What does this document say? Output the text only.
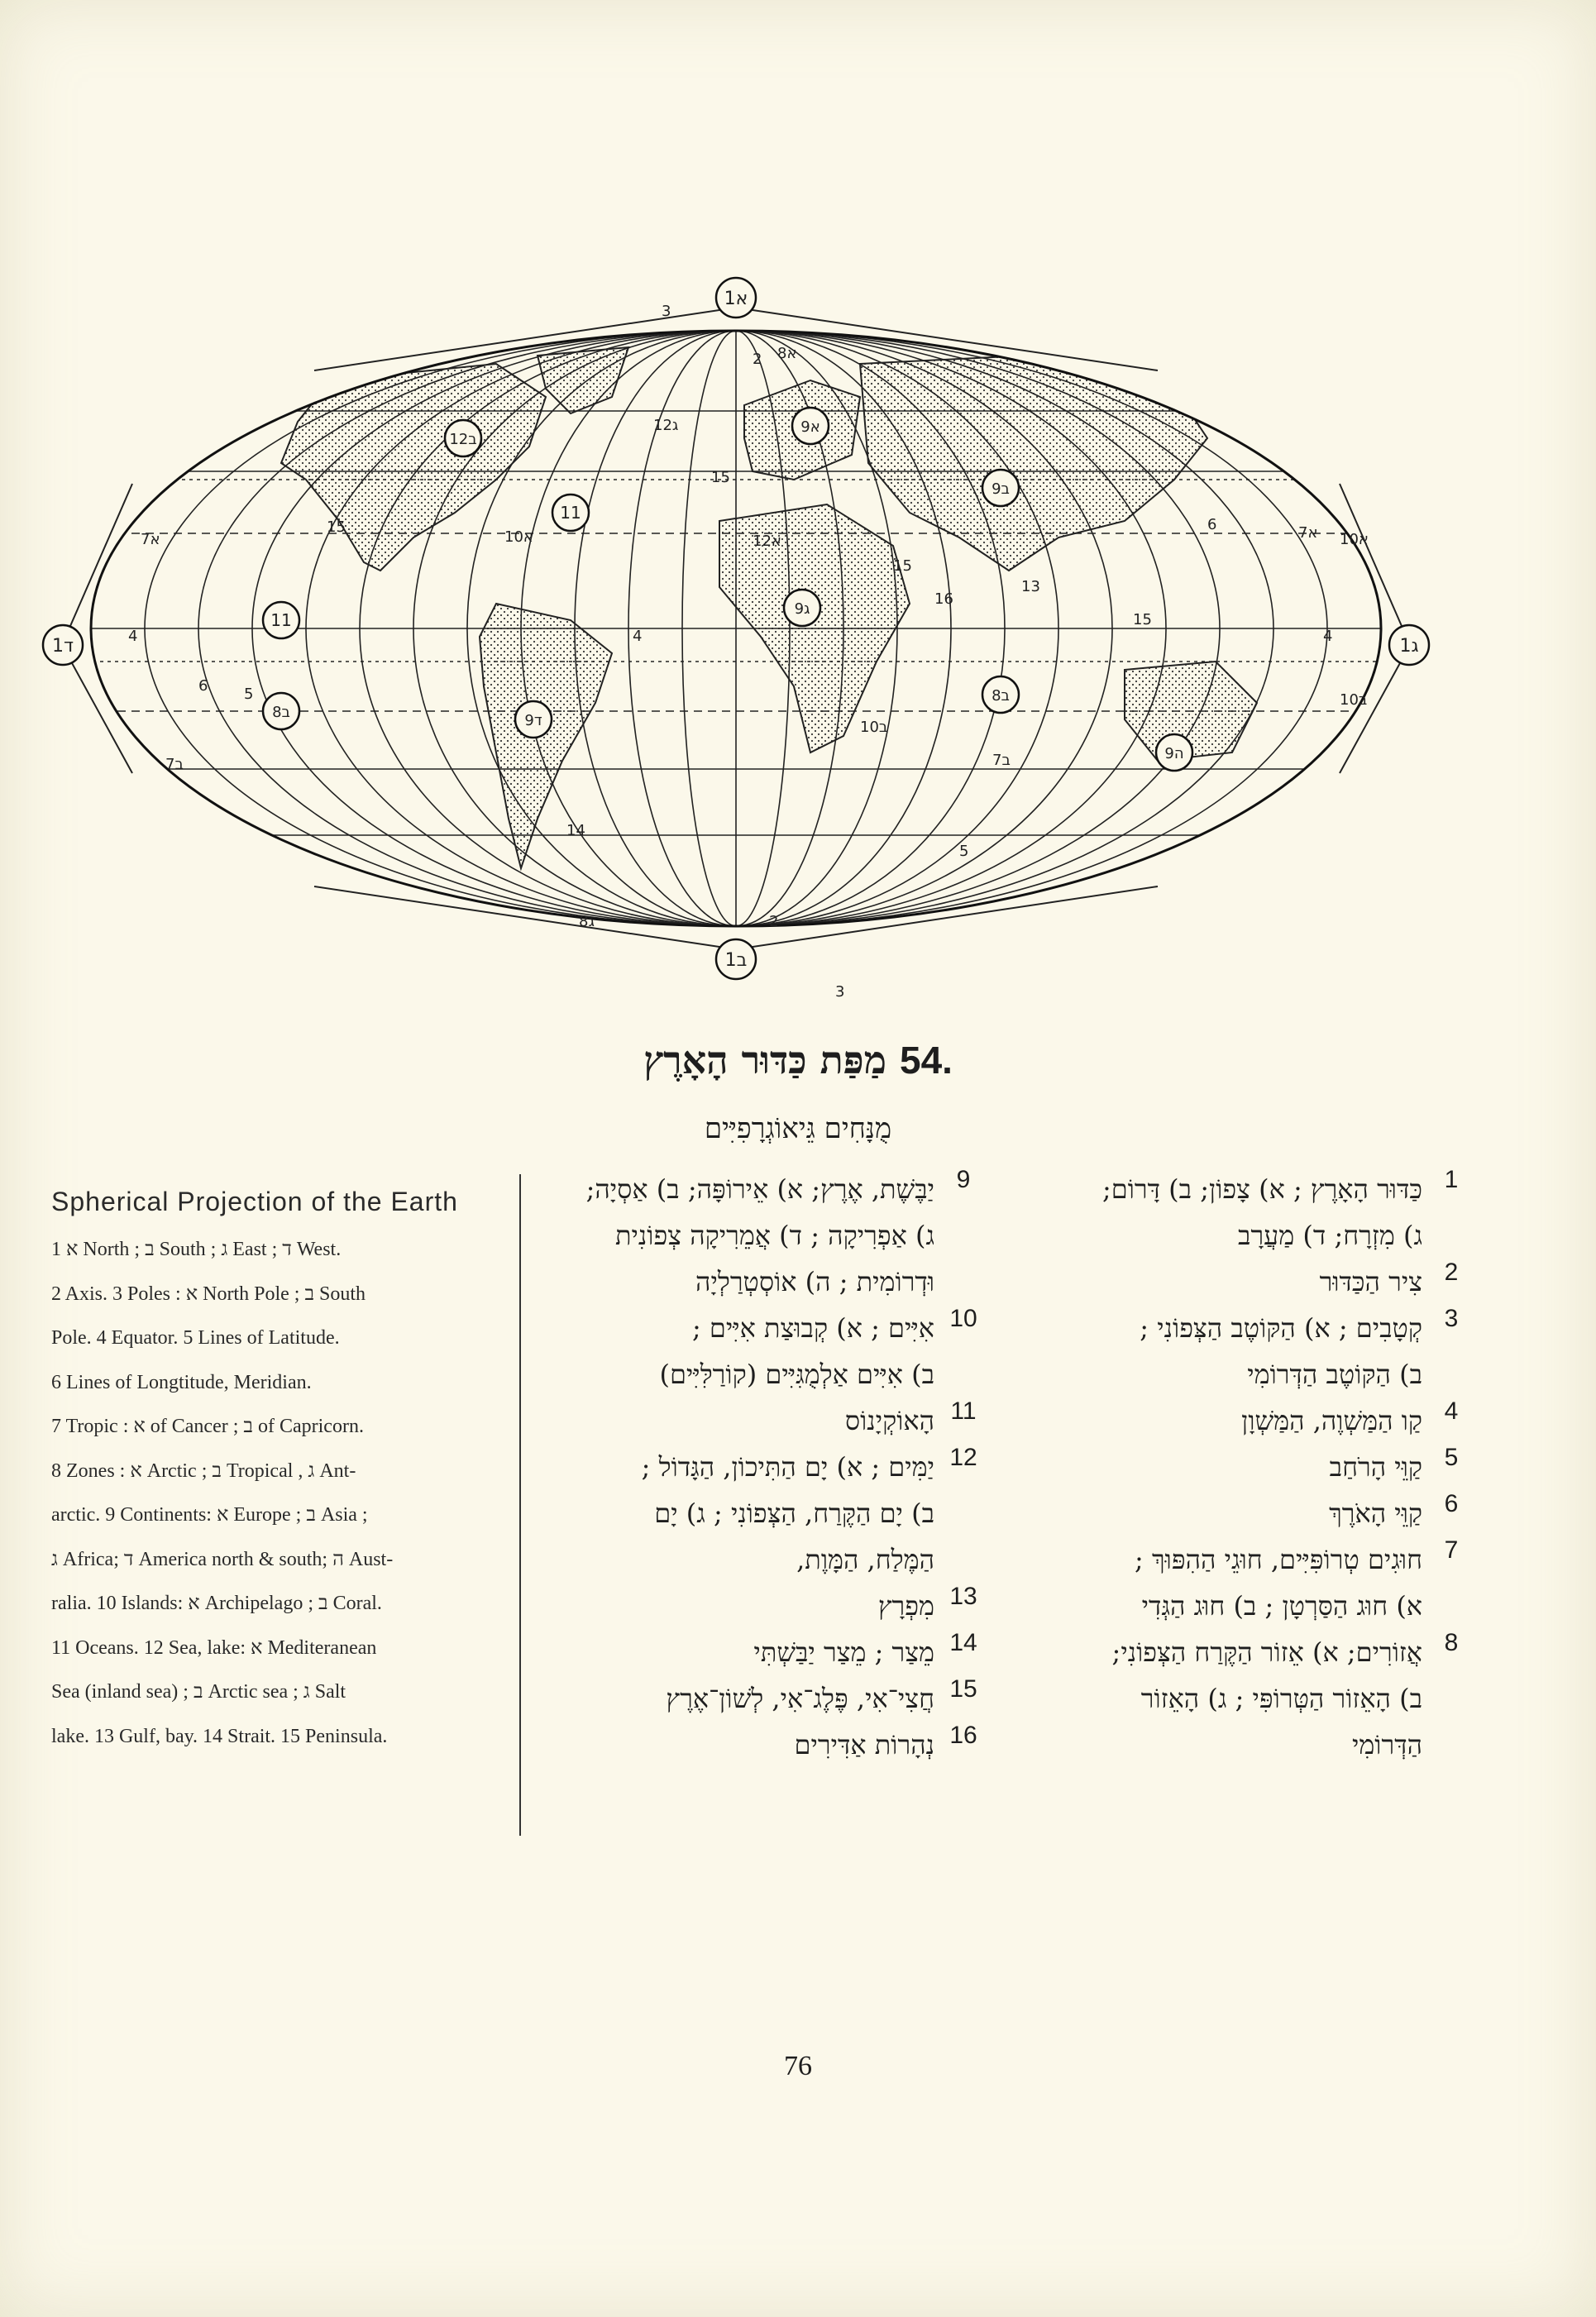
א1
ב1
ג1
ד1
ב12
11
11
ב8	ד9
א9
ג9
ב8
ב9
ה9
3
3
2
2
א8
ג8
ג12
א12
א10
ב10
ב10
א10
א7	א7
ב7	ב7
4	4	4
5
5
6
6
13
14
15
15
15
16
15
.54 מַפַּת כַּדּוּר הָאָרֶץ
מֻנָּחִים גֵּיאוֹגְרָפִיִּים
Spherical Projection of the Earth
1 א North ; ב South ; ג East ; ד West.
2 Axis. 3 Poles : א North Pole ; ב South
Pole. 4 Equator. 5 Lines of Latitude.
6 Lines of Longtitude, Meridian.
7 Tropic : א of Cancer ; ב of Capricorn.
8 Zones : א Arctic ; ב Tropical , ג Ant-
arctic. 9 Continents: א Europe ; ב Asia ;
ג Africa; ד America north & south; ה Aust-
ralia. 10 Islands: א Archipelago ; ב Coral.
11 Oceans. 12 Sea, lake: א Mediteranean
Sea (inland sea) ; ב Arctic sea ; ג Salt
lake. 13 Gulf, bay. 14 Strait. 15 Peninsula.
1
כַּדּוּר הָאָרֶץ ; א) צָפוֹן; ב) דָּרוֹם;
ג) מִזְרָח; ד) מַעֲרָב
2
צִיר הַכַּדּוּר
3
קְטָבִים ; א) הַקּוֹטֶב הַצְּפוֹנִי ;
ב) הַקּוֹטֶב הַדְּרוֹמִי
4
קַו הַמַּשְׁוֶה, הַמַּשְׁוָן
5
קַוֵּי הָרֹחַב
6
קַוֵּי הָאֹרֶךְ
7
חוּגִים טְרוֹפִּיִּים, חוּגֵי הַהִפּוּךְ ;
א) חוּג הַסַּרְטָן ; ב) חוּג הַגְּדִי
8
אֲזוֹרִים; א) אֵזוֹר הַקֶּרַח הַצְּפוֹנִי;
ב) הָאֵזוֹר הַטְּרוֹפִּי ; ג) הָאֵזוֹר
הַדְּרוֹמִי
9
יַבֶּשֶׁת, אֶרֶץ; א) אֵירוֹפָּה; ב) אַסְיָה;
ג) אַפְרִיקָה ; ד) אֲמֵרִיקָה צְפוֹנִית
וּדְרוֹמִית ; ה) אוֹסְטְרַלְיָה
10
אִיִּים ; א) קְבוּצַת אִיִּים ;
ב) אִיִּים אַלְמֻגִּיִּים (קוֹרַלִּיִּים)
11
הָאוֹקְיָנוֹס
12
יַמִּים ; א) יָם הַתִּיכוֹן, הַגָּדוֹל ;
ב) יָם הַקֶּרַח, הַצְּפוֹנִי ; ג) יָם
הַמֶּלַח, הַמָּוֶת,
13
מִפְרָץ
14
מֵצַר ; מֵצַר יַבַּשְׁתִּי
15
חֲצִי־אִי, פֶּלֶג־אִי, לְשׁוֹן־אֶרֶץ
16
נְהָרוֹת אַדִּירִים
76
